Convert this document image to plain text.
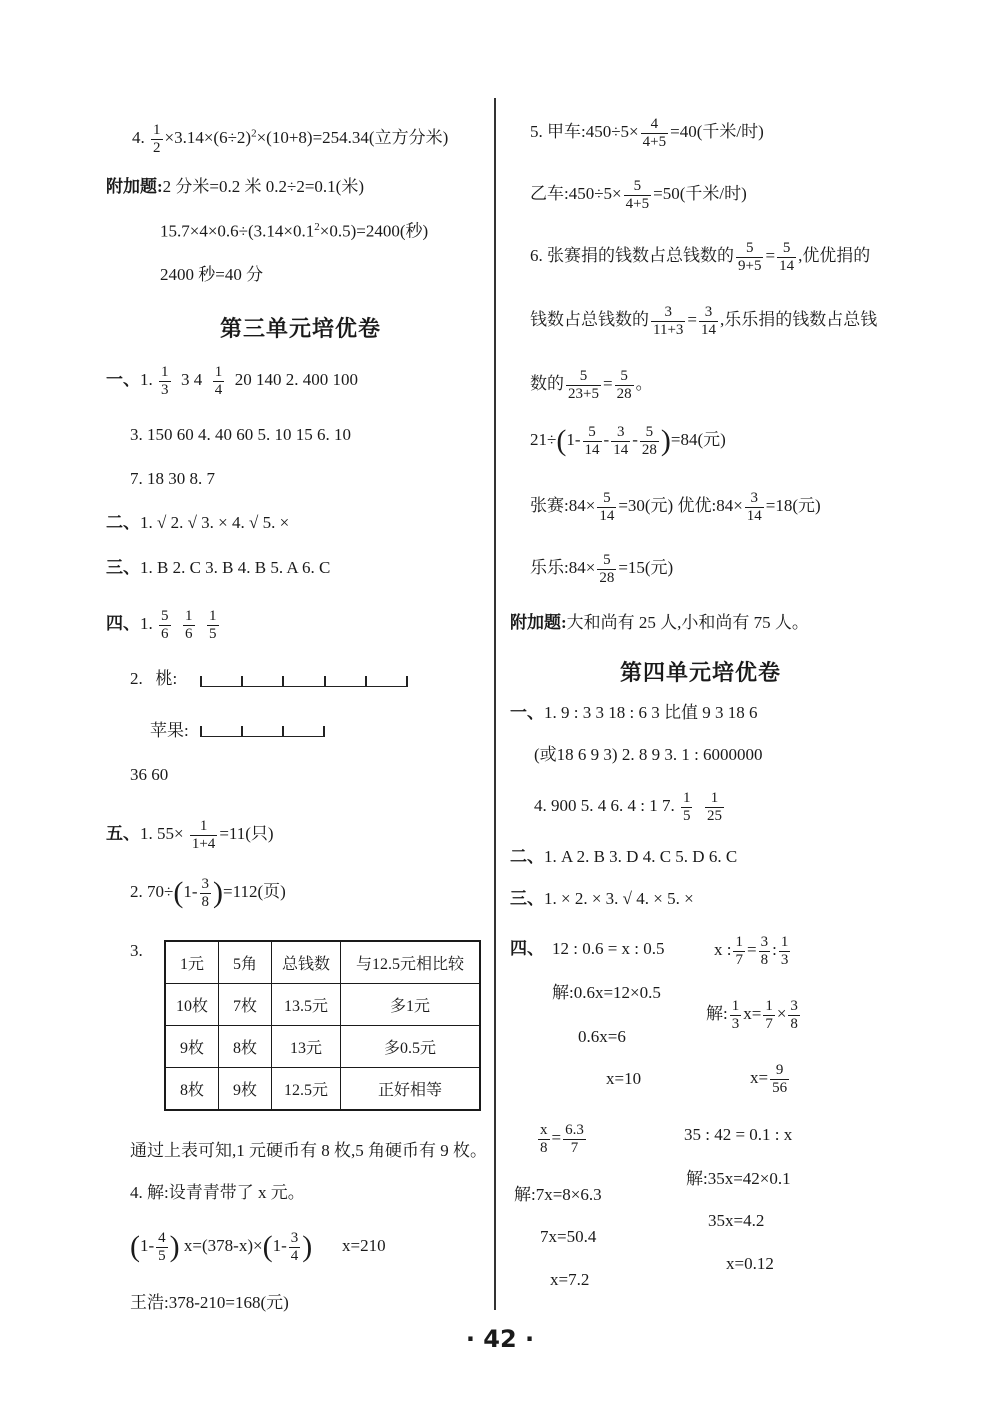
4. $\frac{1}{2} \times 3.14\times(6\div 2)^2\times(10+8)=254.34$(立方分米)
附加题:2 分米=0.2 米 0.2÷2=0.1(米)
$15.7\times 4\times 0.6\div(3.14\times 0.1^2\times 0.5)=2400$(秒)
2400 秒=40 分
第三单元培优卷
一、1. $\frac{1}{3} 3$ $4 \frac{1}{4} 20$ 140 2. 400 100
3. 150 60 4. 40 60 5. 10 15 6. 10
7. 18 30 8. 7
二、1. √ 2. √ 3. × 4. √ 5. ×
三、1. B 2. C 3. B 4. B 5. A 6. C
四、1. $\frac{5}{6}$
$\frac{1}{6}$
$\frac{1}{5}$
2. 桃:
苹果:
36 60
五、1. $55\times \frac{1}{1+4} =11$(只)
2. $70\div(1- \frac{3}{8} )=112$(页)
3.
1元	5角	总钱数	与12.5元相比较
10枚	7枚	13.5元	多1元
9枚	8枚	13元	多0.5元
8枚	9枚	12.5元	正好相等
通过上表可知,1 元硬币有 8 枚,5 角硬币有 9 枚。
4. 解:设青青带了 x 元。
($1- \frac{4}{5}$ ) $x=(378-x)\times(1- \frac{3}{4}$ ) x=210
王浩:378-210=168(元)
5. 甲车:450÷5× $\frac{4}{4+5} =40$(千米/时)
乙车:450÷5× $\frac{5}{4+5} =50$(千米/时)
6. 张赛捐的钱数占总钱数的 $\frac{5}{9+5} = \frac{5}{14}$ ,优优捐的
钱数占总钱数的 $\frac{3}{11+3} = \frac{3}{14}$ ,乐乐捐的钱数占总钱
数的 $\frac{5}{23+5} = \frac{5}{28}$ 。
$21\div(1- \frac{5}{14} - \frac{3}{14} - \frac{5}{28} )=84$(元)
张赛:84× $\frac{5}{14} =30$(元) 优优:84× $\frac{3}{14} =18$(元)
乐乐:84× $\frac{5}{28} =15$(元)
附加题:大和尚有 25 人,小和尚有 75 人。
第四单元培优卷
一、1. 9 : 3 3 18 : 6 3 比值 9 3 18 6
(或18 6 9 3) 2. 8 9 3. 1 : 6000000
4. 900 5. 4 6. 4 : 1 7. $\frac{1}{5}$
$\frac{1}{25}$
二、1. A 2. B 3. D 4. C 5. D 6. C
三、1. × 2. × 3. √ 4. × 5. ×
四、 12 : 0.6 = x : 0.5
解:0.6x=12×0.5
0.6x=6
x=10
x : $\frac{1}{7} = \frac{3}{8}$ : $\frac{1}{3}$
解: $\frac{1}{3} x= \frac{1}{7} \times \frac{3}{8}$
$x= \frac{9}{56}$
$\frac{x}{8} = \frac{6.3}{7}$
解:7x=8×6.3
7x=50.4
x=7.2
35 : 42 = 0.1 : x
解:35x=42×0.1
35x=4.2
x=0.12
· 42 ·
